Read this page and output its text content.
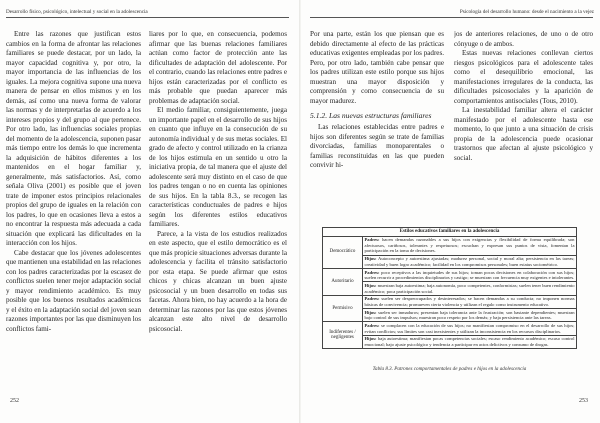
Desarrollo físico, psicológico, intelectual y social en la adolescencia

Entre las razones que justifican estos cambios en la forma de afrontar las relaciones familiares se puede destacar, por un lado, la mayor capacidad cognitiva y, por otro, la mayor importancia de las influencias de los iguales. La mejora cognitiva supone una nueva manera de pensar en ellos mismos y en los demás, así como una nueva forma de valorar las normas y de interpretarlas de acuerdo a los intereses propios y del grupo al que pertenece. Por otro lado, las influencias sociales propias del momento de la adolescencia, suponen pasar más tiempo entre los demás lo que incrementa la adquisición de hábitos diferentes a los mantenidos en el hogar familiar y, generalmente, más satisfactorios. Así, como señala Oliva (2001) es posible que el joven trate de imponer estos principios relacionales propios del grupo de iguales en la relación con los padres, lo que en ocasiones lleva a estos a no encontrar la respuesta más adecuada a cada situación que explicará las dificultades en la interacción con los hijos.

Cabe destacar que los jóvenes adolescentes que mantienen una estabilidad en las relaciones con los padres caracterizadas por la escasez de conflictos suelen tener mejor adaptación social y mayor rendimiento académico. Es muy posible que los buenos resultados académicos y el éxito en la adaptación social del joven sean razones importantes por las que disminuyen los conflictos fami-

liares por lo que, en consecuencia, podemos afirmar que las buenas relaciones familiares actúan como factor de protección ante las dificultades de adaptación del adolescente. Por el contrario, cuando las relaciones entre padres e hijos están caracterizadas por el conflicto es más probable que puedan aparecer más problemas de adaptación social.

El medio familiar, consiguientemente, juega un importante papel en el desarrollo de sus hijos en cuanto que influye en la consecución de su autonomía individual y de sus metas sociales. El grado de afecto y control utilizado en la crianza de los hijos estimula en un sentido u otro la iniciativa propia, de tal manera que el ajuste del adolescente será muy distinto en el caso de que los padres tengan o no en cuenta las opiniones de sus hijos. En la tabla 8.3., se recogen las características conductuales de padres e hijos según los diferentes estilos educativos familiares.

Parece, a la vista de los estudios realizados en este aspecto, que el estilo democrático es el que más propicie situaciones adversas durante la adolescencia y facilita el tránsito satisfactorio por esta etapa. Se puede afirmar que estos chicos y chicas alcanzan un buen ajuste psicosocial y un buen desarrollo en todas sus facetas. Ahora bien, no hay acuerdo a la hora de determinar las razones por las que estos jóvenes alcanzan este alto nivel de desarrollo psicosocial.

252
Psicología del desarrollo humano: desde el nacimiento a la vejez

Por una parte, están los que piensan que es debido directamente al efecto de las prácticas educativas exigentes empleadas por los padres. Pero, por otro lado, también cabe pensar que los padres utilizan este estilo porque sus hijos muestran una mayor disposición y comprensión y como consecuencia de su mayor madurez.

5.1.2. Las nuevas estructuras familiares

Las relaciones establecidas entre padres e hijos son diferentes según se trate de familias divorciadas, familias monoparentales o familias reconstituidas en las que pueden convivir hi-

jos de anteriores relaciones, de uno o de otro cónyuge o de ambos.

Estas nuevas relaciones conllevan ciertos riesgos psicológicos para el adolescente tales como el desequilibrio emocional, las manifestaciones irregulares de la conducta, las dificultades psicosociales y la aparición de comportamientos antisociales (Tous, 2010).

La inestabilidad familiar altera el carácter manifestado por el adolescente hasta ese momento, lo que junto a una situación de crisis propia de la adolescencia puede ocasionar trastornos que afectan al ajuste psicológico y social.

Estilos educativos familiares en la adolescencia	
Democrático	Padres: hacen demandas razonables a sus hijos con exigencias y flexibilidad de forma equilibrada; son afectuosos, cariñosos, tolerantes y respetuosos; escuchan y expresan sus puntos de vista, fomentan la participación en la toma de decisiones.
	Hijos: Autoconcepto y autoestima ajustadas; madurez personal, social y moral alta; persistencia en las tareas; creatividad y buen logro académico; facilidad en los compromisos personales; buen estatus sociométrico.
Autoritario	Padres: poco receptivos a las inquietudes de sus hijos; toman pocas decisiones en colaboración con sus hijos; suelen recurrir a procedimientos disciplinarios y castigo; se muestran con frecuencia muy exigentes e intolerantes.
	Hijos: muestran baja autoestima; baja autonomía, poco competentes, conformistas; suelen tener buen rendimiento académico; poca participación social.
Permisivo	Padres: suelen ser despreocupados y desinteresados; se hacen demandas a su conducta; no imponen normas básicas de convivencia; promueven cierta violencia y utilizan el regalo como instrumento educativo.
	Hijos: suelen ser inmaduros; presentan baja tolerancia ante la frustración; son bastante dependientes; muestran bajo control de sus impulsos; muestran poco respeto por los demás; y baja persistencia ante las tareas.
Indiferentes / negligentes	Padres: se complacen con la educación de sus hijos; no manifiestan compromiso en el desarrollo de sus hijos; evitan conflictos; sus límites son casi inexistentes y utilizan la inconsistencia en los recursos disciplinarios.
	Hijos: baja autoestima; manifiestan pocas competencias sociales; escaso rendimiento académico; escaso control emocional; bajo ajuste psicológico y tendencia a participar en actos delictivos y consumo de drogas.
Tabla 8.3. Patrones comportamentales de padres e hijos en la adolescencia
253
